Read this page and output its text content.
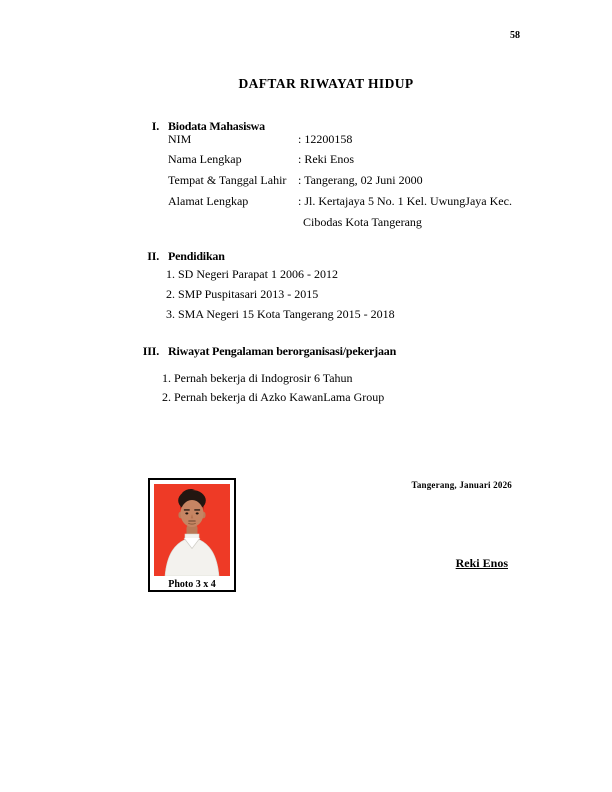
58
DAFTAR RIWAYAT HIDUP
I. Biodata Mahasiswa
NIM	: 12200158
Nama Lengkap	: Reki Enos
Tempat & Tanggal Lahir : Tangerang, 02 Juni 2000
Alamat Lengkap	: Jl. Kertajaya 5 No. 1 Kel. UwungJaya Kec.
Cibodas Kota Tangerang
II. Pendidikan
1. SD Negeri Parapat 1 2006 - 2012
2. SMP Puspitasari 2013 - 2015
3. SMA Negeri 15 Kota Tangerang 2015 - 2018
III. Riwayat Pengalaman berorganisasi/pekerjaan
1. Pernah bekerja di Indogrosir 6 Tahun
2. Pernah bekerja di Azko KawanLama Group
Photo 3 x 4
Tangerang, Januari 2026
Reki Enos
